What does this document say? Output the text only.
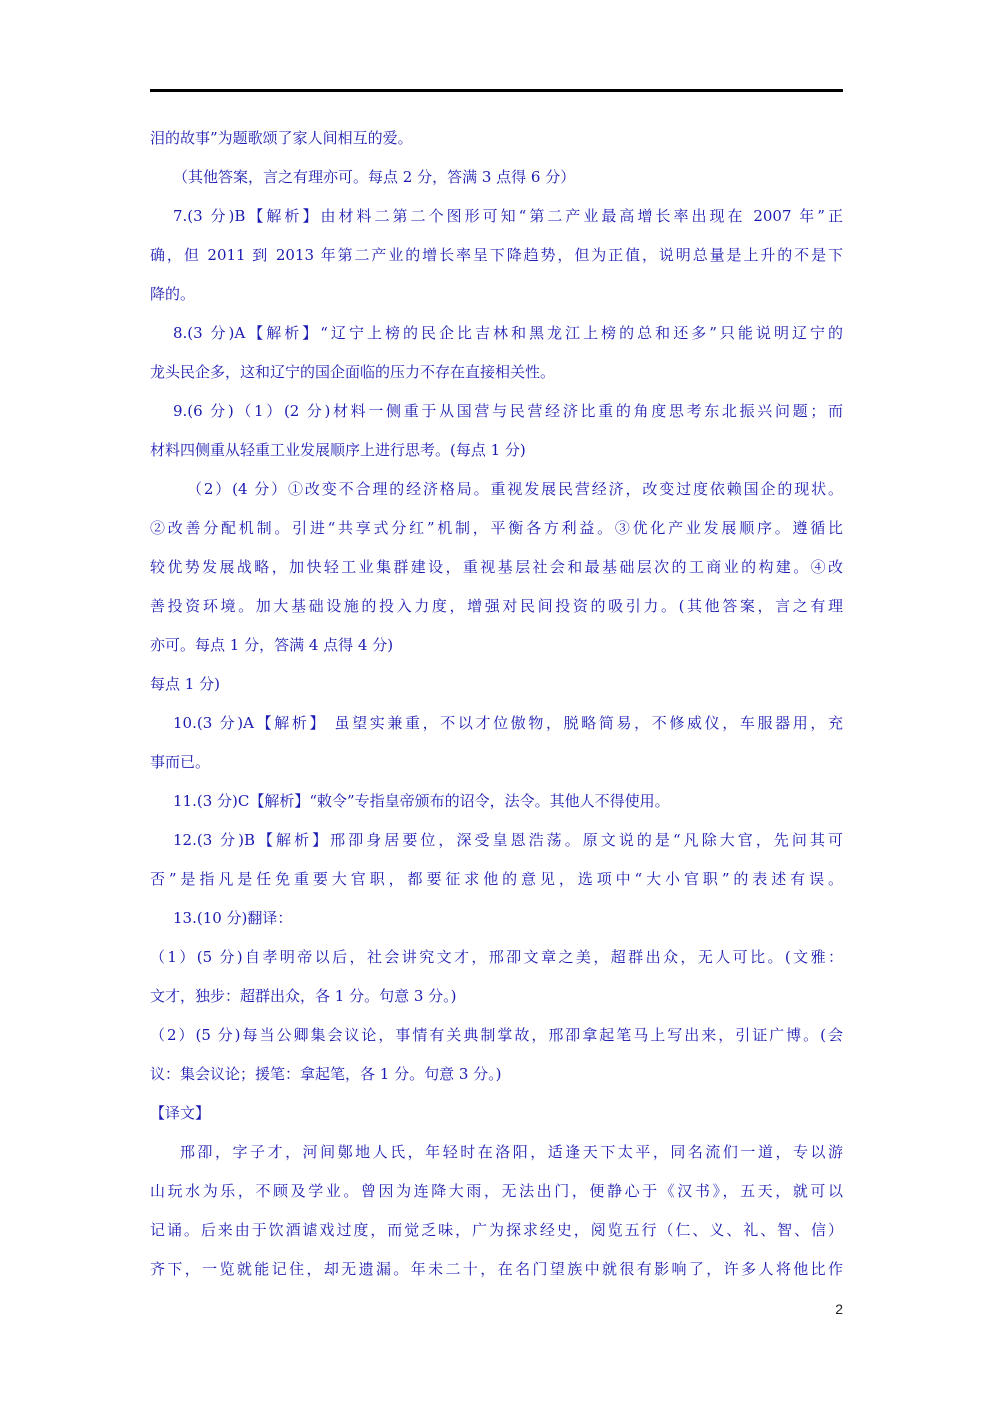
泪的故事”为题歌颂了家人间相互的爱。
（其他答案，言之有理亦可。每点 2 分，答满 3 点得 6 分）
7.(3 分)B【解析】由材料二第二个图形可知“第二产业最高增长率出现在 2007 年”正
确，但 2011 到 2013 年第二产业的增长率呈下降趋势，但为正值，说明总量是上升的不是下
降的。
8.(3 分)A【解析】“辽宁上榜的民企比吉林和黑龙江上榜的总和还多”只能说明辽宁的
龙头民企多，这和辽宁的国企面临的压力不存在直接相关性。
9.(6 分)（1）(2 分)材料一侧重于从国营与民营经济比重的角度思考东北振兴问题；而
材料四侧重从轻重工业发展顺序上进行思考。(每点 1 分)
（2）(4 分）①改变不合理的经济格局。重视发展民营经济，改变过度依赖国企的现状。
②改善分配机制。引进“共享式分红”机制，平衡各方利益。③优化产业发展顺序。遵循比
较优势发展战略，加快轻工业集群建设，重视基层社会和最基础层次的工商业的构建。④改
善投资环境。加大基础设施的投入力度，增强对民间投资的吸引力。(其他答案，言之有理
亦可。每点 1 分，答满 4 点得 4 分)
每点 1 分)
10.(3 分)A【解析】 虽望实兼重，不以才位傲物，脱略简易，不修威仪，车服器用，充
事而已。
11.(3 分)C【解析】“敕令”专指皇帝颁布的诏令，法令。其他人不得使用。
12.(3 分)B【解析】邢卲身居要位，深受皇恩浩荡。原文说的是“凡除大官，先问其可
否”是指凡是任免重要大官职，都要征求他的意见，选项中“大小官职”的表述有误。
13.(10 分)翻译：
（1）(5 分)自孝明帝以后，社会讲究文才，邢卲文章之美，超群出众，无人可比。(文雅：
文才，独步：超群出众，各 1 分。句意 3 分。)
（2）(5 分)每当公卿集会议论，事情有关典制掌故，邢卲拿起笔马上写出来，引证广博。(会
议：集会议论；援笔：拿起笔，各 1 分。句意 3 分。)
【译文】
邢卲，字子才，河间鄚地人氏，年轻时在洛阳，适逢天下太平，同名流们一道，专以游
山玩水为乐，不顾及学业。曾因为连降大雨，无法出门，便静心于《汉书》，五天，就可以
记诵。后来由于饮酒谑戏过度，而觉乏味，广为探求经史，阅览五行（仁、义、礼、智、信）
齐下，一览就能记住，却无遗漏。年未二十，在名门望族中就很有影响了，许多人将他比作
2
